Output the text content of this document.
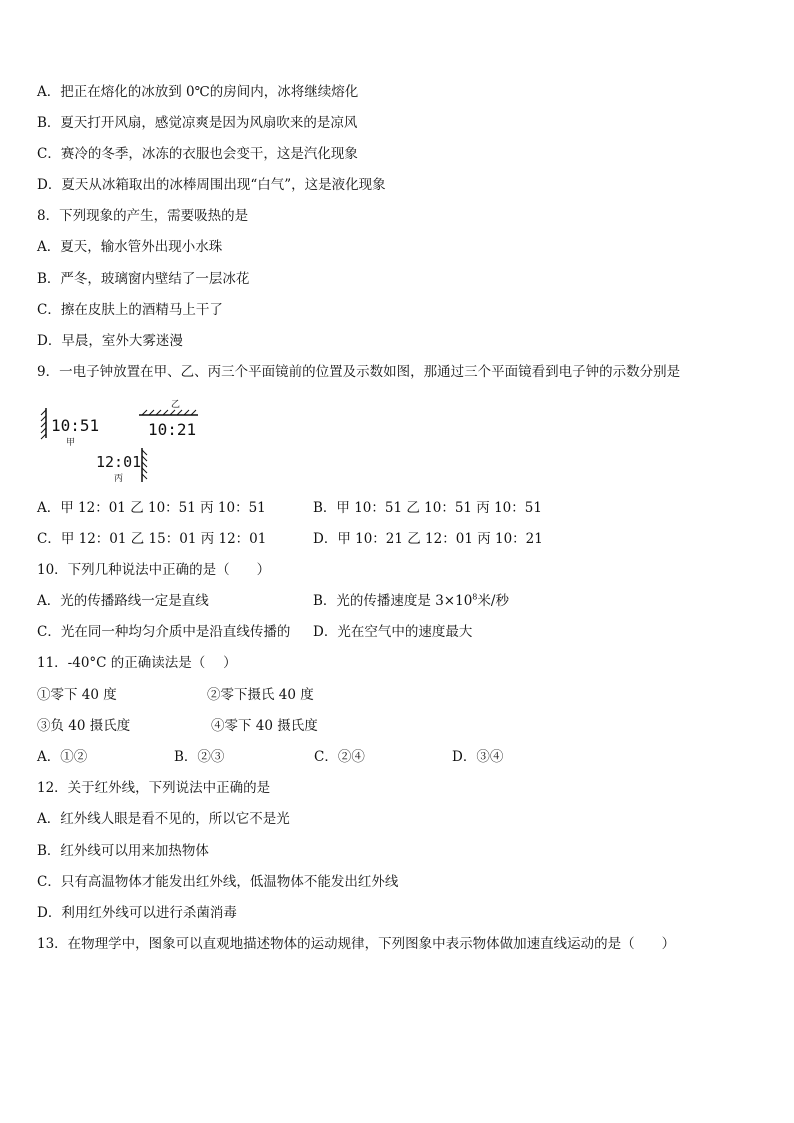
A．把正在熔化的冰放到 0℃的房间内，冰将继续熔化
B．夏天打开风扇，感觉凉爽是因为风扇吹来的是凉风
C．赛冷的冬季，冰冻的衣服也会变干，这是汽化现象
D．夏天从冰箱取出的冰棒周围出现“白气”，这是液化现象
8．下列现象的产生，需要吸热的是
A．夏天，输水管外出现小水珠
B．严冬，玻璃窗内壁结了一层冰花
C．擦在皮肤上的酒精马上干了
D．早晨，室外大雾迷漫
9．一电子钟放置在甲、乙、丙三个平面镜前的位置及示数如图，那通过三个平面镜看到电子钟的示数分别是
10:51
甲
乙
10:21
12:01
丙
A．甲 12：01 乙 10：51 丙 10：51	B．甲 10：51 乙 10：51 丙 10：51
C．甲 12：01 乙 15：01 丙 12：01	D．甲 10：21 乙 12：01 丙 10：21
10．下列几种说法中正确的是（　　）
A．光的传播路线一定是直线	B．光的传播速度是 $3\times 10^8$米/秒
C．光在同一种均匀介质中是沿直线传播的 D．光在空气中的速度最大
11．-40°C 的正确读法是（　 ）
①零下 40 度	②零下摄氏 40 度
③负 40 摄氏度	④零下 40 摄氏度
A．①②	B．②③	C．②④	D．③④
12．关于红外线，下列说法中正确的是
A．红外线人眼是看不见的，所以它不是光
B．红外线可以用来加热物体
C．只有高温物体才能发出红外线，低温物体不能发出红外线
D．利用红外线可以进行杀菌消毒
13．在物理学中，图象可以直观地描述物体的运动规律，下列图象中表示物体做加速直线运动的是（　　）
